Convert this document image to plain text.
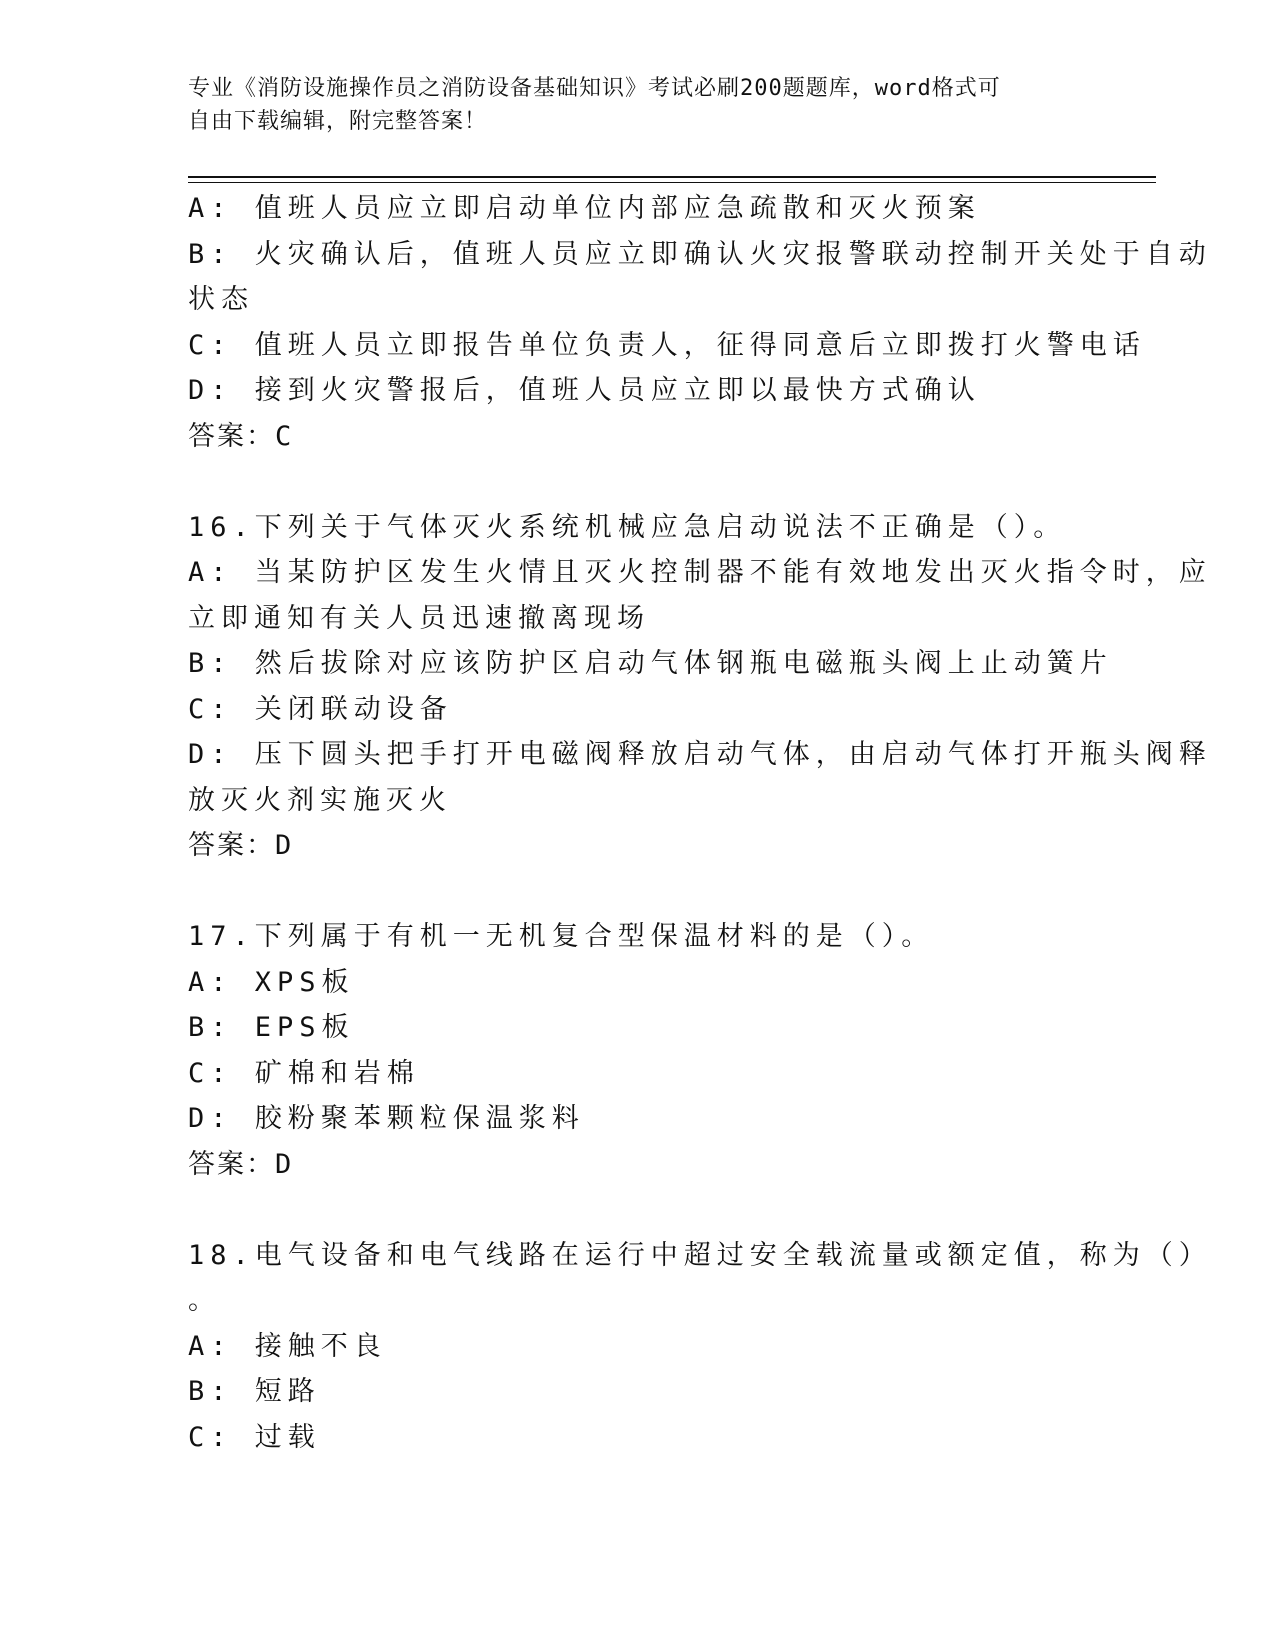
专业《消防设施操作员之消防设备基础知识》考试必刷200题题库，word格式可
自由下载编辑，附完整答案！
A: 值班人员应立即启动单位内部应急疏散和灭火预案
B: 火灾确认后，值班人员应立即确认火灾报警联动控制开关处于自动
状态
C: 值班人员立即报告单位负责人，征得同意后立即拨打火警电话
D: 接到火灾警报后，值班人员应立即以最快方式确认
答案：C
16.下列关于气体灭火系统机械应急启动说法不正确是（）。
A: 当某防护区发生火情且灭火控制器不能有效地发出灭火指令时，应
立即通知有关人员迅速撤离现场
B: 然后拔除对应该防护区启动气体钢瓶电磁瓶头阀上止动簧片
C: 关闭联动设备
D: 压下圆头把手打开电磁阀释放启动气体，由启动气体打开瓶头阀释
放灭火剂实施灭火
答案：D
17.下列属于有机一无机复合型保温材料的是（）。
A: XPS板
B: EPS板
C: 矿棉和岩棉
D: 胶粉聚苯颗粒保温浆料
答案：D
18.电气设备和电气线路在运行中超过安全载流量或额定值，称为（）
。
A: 接触不良
B: 短路
C: 过载
